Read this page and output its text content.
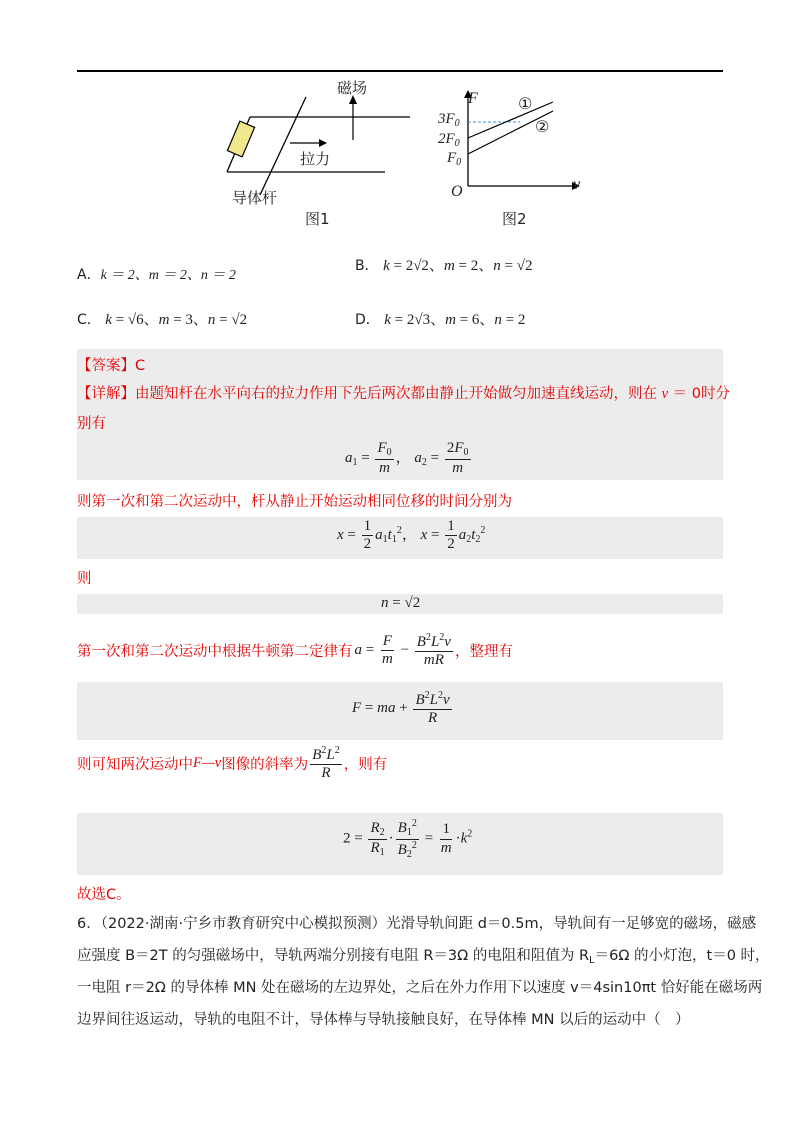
磁场
拉力
导体杆
图1
F
v
O
$3F_0$
$2F_0$
$F_0$
①
②
图2
A．k ＝ 2、m ＝ 2、n ＝ 2
B． k = 2√2、m = 2、n = √2
C． k = √6、m = 3、n = √2	D． k = 2√3、m = 6、n = 2
【答案】C
【详解】由题知杆在水平向右的拉力作用下先后两次都由静止开始做匀加速直线运动，则在 v ＝ 0时分
别有
$a_1 = \frac{F_0}{m}$ ， $a_2 = \frac{2F_0}{m}$
则第一次和第二次运动中，杆从静止开始运动相同位移的时间分别为
$x = \frac{1}{2} a_1t_1^2$， $x = \frac{1}{2} a_2t_2^2$
则
n = √2
第一次和第二次运动中根据牛顿第二定律有 $a = \frac{F}{m} - \frac{B^2L^2v}{mR}$ ，整理有
F = ma + $\frac{B^2L^2v}{R}$
则可知两次运动中 F—v 图像的斜率为 $\frac{B^2L^2}{R}$ ，则有
$2 = \frac{R_2}{R_1} \cdot \frac{B_1^2}{B_2^2} = \frac{1}{m} \cdot k^2$
故选C。
6．（2022·湖南·宁乡市教育研究中心模拟预测）光滑导轨间距 d＝0.5m，导轨间有一足够宽的磁场，磁感
应强度 B＝2T 的匀强磁场中，导轨两端分别接有电阻 R＝3Ω 的电阻和阻值为 $R_L=6\Omega$ 的小灯泡，t＝0 时，
一电阻 r＝2Ω 的导体棒 MN 处在磁场的左边界处，之后在外力作用下以速度 v＝4sin10πt 恰好能在磁场两
边界间往返运动，导轨的电阻不计，导体棒与导轨接触良好，在导体棒 MN 以后的运动中（　）
